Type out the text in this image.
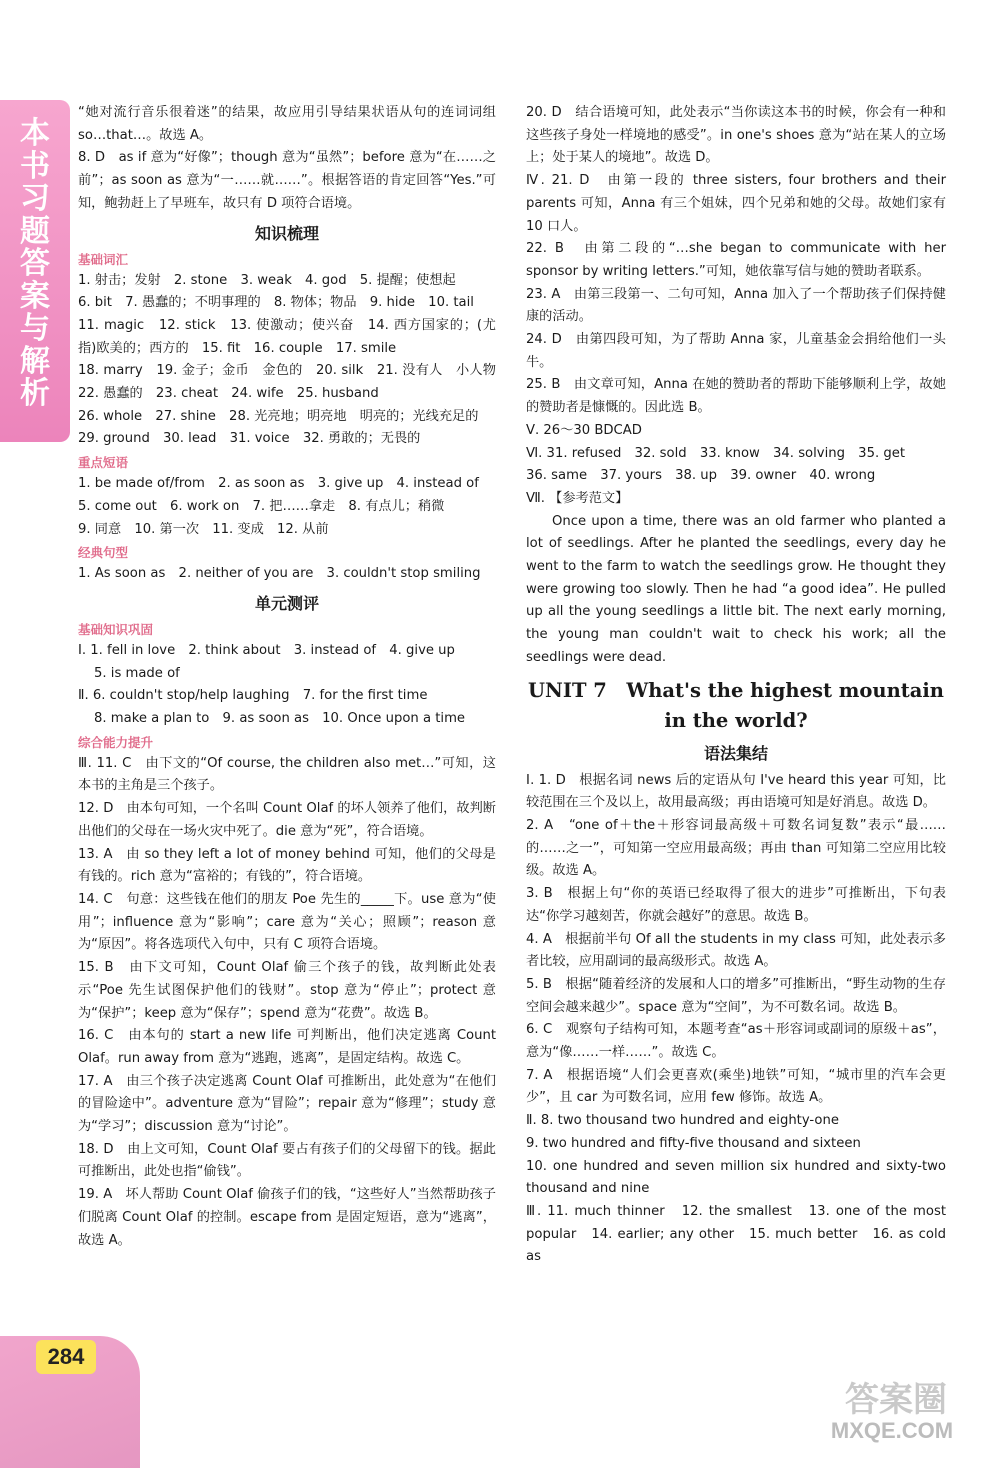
本书习题答案与解析

“她对流行音乐很着迷”的结果，故应用引导结果状语从句的连词词组 so…that…。故选 A。

8. D　as if 意为“好像”；though 意为“虽然”；before 意为“在……之前”；as soon as 意为“一……就……”。根据答语的肯定回答“Yes.”可知，鲍勃赶上了早班车，故只有 D 项符合语境。

知识梳理
基础词汇

1. 射击；发射　2. stone　3. weak　4. god　5. 提醒；使想起

6. bit　7. 愚蠢的；不明事理的　8. 物体；物品　9. hide　10. tail

11. magic　12. stick　13. 使激动；使兴奋　14. 西方国家的；(尤指)欧美的；西方的　15. fit　16. couple　17. smile

18. marry　19. 金子；金币　金色的　20. silk　21. 没有人　小人物　22. 愚蠢的　23. cheat　24. wife　25. husband

26. whole　27. shine　28. 光亮地；明亮地　明亮的；光线充足的

29. ground　30. lead　31. voice　32. 勇敢的；无畏的

重点短语

1. be made of/from　2. as soon as　3. give up　4. instead of

5. come out　6. work on　7. 把……拿走　8. 有点儿；稍微

9. 同意　10. 第一次　11. 变成　12. 从前

经典句型

1. As soon as　2. neither of you are　3. couldn't stop smiling

单元测评
基础知识巩固

Ⅰ. 1. fell in love　2. think about　3. instead of　4. give up

5. is made of

Ⅱ. 6. couldn't stop/help laughing　7. for the first time

8. make a plan to　9. as soon as　10. Once upon a time

综合能力提升

Ⅲ. 11. C　由下文的“Of course, the children also met…”可知，这本书的主角是三个孩子。

12. D　由本句可知，一个名叫 Count Olaf 的坏人领养了他们，故判断出他们的父母在一场火灾中死了。die 意为“死”，符合语境。

13. A　由 so they left a lot of money behind 可知，他们的父母是有钱的。rich 意为“富裕的；有钱的”，符合语境。

14. C　句意：这些钱在他们的朋友 Poe 先生的_____下。use 意为“使用”；influence 意为“影响”；care 意为“关心；照顾”；reason 意为“原因”。将各选项代入句中，只有 C 项符合语境。

15. B　由下文可知，Count Olaf 偷三个孩子的钱，故判断此处表示“Poe 先生试图保护他们的钱财”。stop 意为“停止”；protect 意为“保护”；keep 意为“保存”；spend 意为“花费”。故选 B。

16. C　由本句的 start a new life 可判断出，他们决定逃离 Count Olaf。run away from 意为“逃跑，逃离”，是固定结构。故选 C。

17. A　由三个孩子决定逃离 Count Olaf 可推断出，此处意为“在他们的冒险途中”。adventure 意为“冒险”；repair 意为“修理”；study 意为“学习”；discussion 意为“讨论”。

18. D　由上文可知，Count Olaf 要占有孩子们的父母留下的钱。据此可推断出，此处也指“偷钱”。

19. A　坏人帮助 Count Olaf 偷孩子们的钱，“这些好人”当然帮助孩子们脱离 Count Olaf 的控制。escape from 是固定短语，意为“逃离”，故选 A。

20. D　结合语境可知，此处表示“当你读这本书的时候，你会有一种和这些孩子身处一样境地的感受”。in one's shoes 意为“站在某人的立场上；处于某人的境地”。故选 D。

Ⅳ. 21. D　由第一段的 three sisters, four brothers and their parents 可知，Anna 有三个姐妹，四个兄弟和她的父母。故她们家有 10 口人。

22. B　由第二段的“…she began to communicate with her sponsor by writing letters.”可知，她依靠写信与她的赞助者联系。

23. A　由第三段第一、二句可知，Anna 加入了一个帮助孩子们保持健康的活动。

24. D　由第四段可知，为了帮助 Anna 家，儿童基金会捐给他们一头牛。

25. B　由文章可知，Anna 在她的赞助者的帮助下能够顺利上学，故她的赞助者是慷慨的。因此选 B。

Ⅴ. 26～30 BDCAD

Ⅵ. 31. refused　32. sold　33. know　34. solving　35. get

36. same　37. yours　38. up　39. owner　40. wrong

Ⅶ. 【参考范文】

Once upon a time, there was an old farmer who planted a lot of seedlings. After he planted the seedlings, every day he went to the farm to watch the seedlings grow. He thought they were growing too slowly. Then he had “a good idea”. He pulled up all the young seedlings a little bit. The next early morning, the young man couldn't wait to check his work; all the seedlings were dead.

UNIT 7　What's the highest mountain
in the world?
语法集结

Ⅰ. 1. D　根据名词 news 后的定语从句 I've heard this year 可知，比较范围在三个及以上，故用最高级；再由语境可知是好消息。故选 D。

2. A　“one of＋the＋形容词最高级＋可数名词复数”表示“最……的……之一”，可知第一空应用最高级；再由 than 可知第二空应用比较级。故选 A。

3. B　根据上句“你的英语已经取得了很大的进步”可推断出，下句表达“你学习越刻苦，你就会越好”的意思。故选 B。

4. A　根据前半句 Of all the students in my class 可知，此处表示多者比较，应用副词的最高级形式。故选 A。

5. B　根据“随着经济的发展和人口的增多”可推断出，“野生动物的生存空间会越来越少”。space 意为“空间”，为不可数名词。故选 B。

6. C　观察句子结构可知，本题考查“as＋形容词或副词的原级＋as”，意为“像……一样……”。故选 C。

7. A　根据语境“人们会更喜欢(乘坐)地铁”可知，“城市里的汽车会更少”，且 car 为可数名词，应用 few 修饰。故选 A。

Ⅱ. 8. two thousand two hundred and eighty-one

9. two hundred and fifty-five thousand and sixteen

10. one hundred and seven million six hundred and sixty-two thousand and nine

Ⅲ. 11. much thinner　12. the smallest　13. one of the most popular　14. earlier; any other　15. much better　16. as cold as

284
答案圈
MXQE.COM
